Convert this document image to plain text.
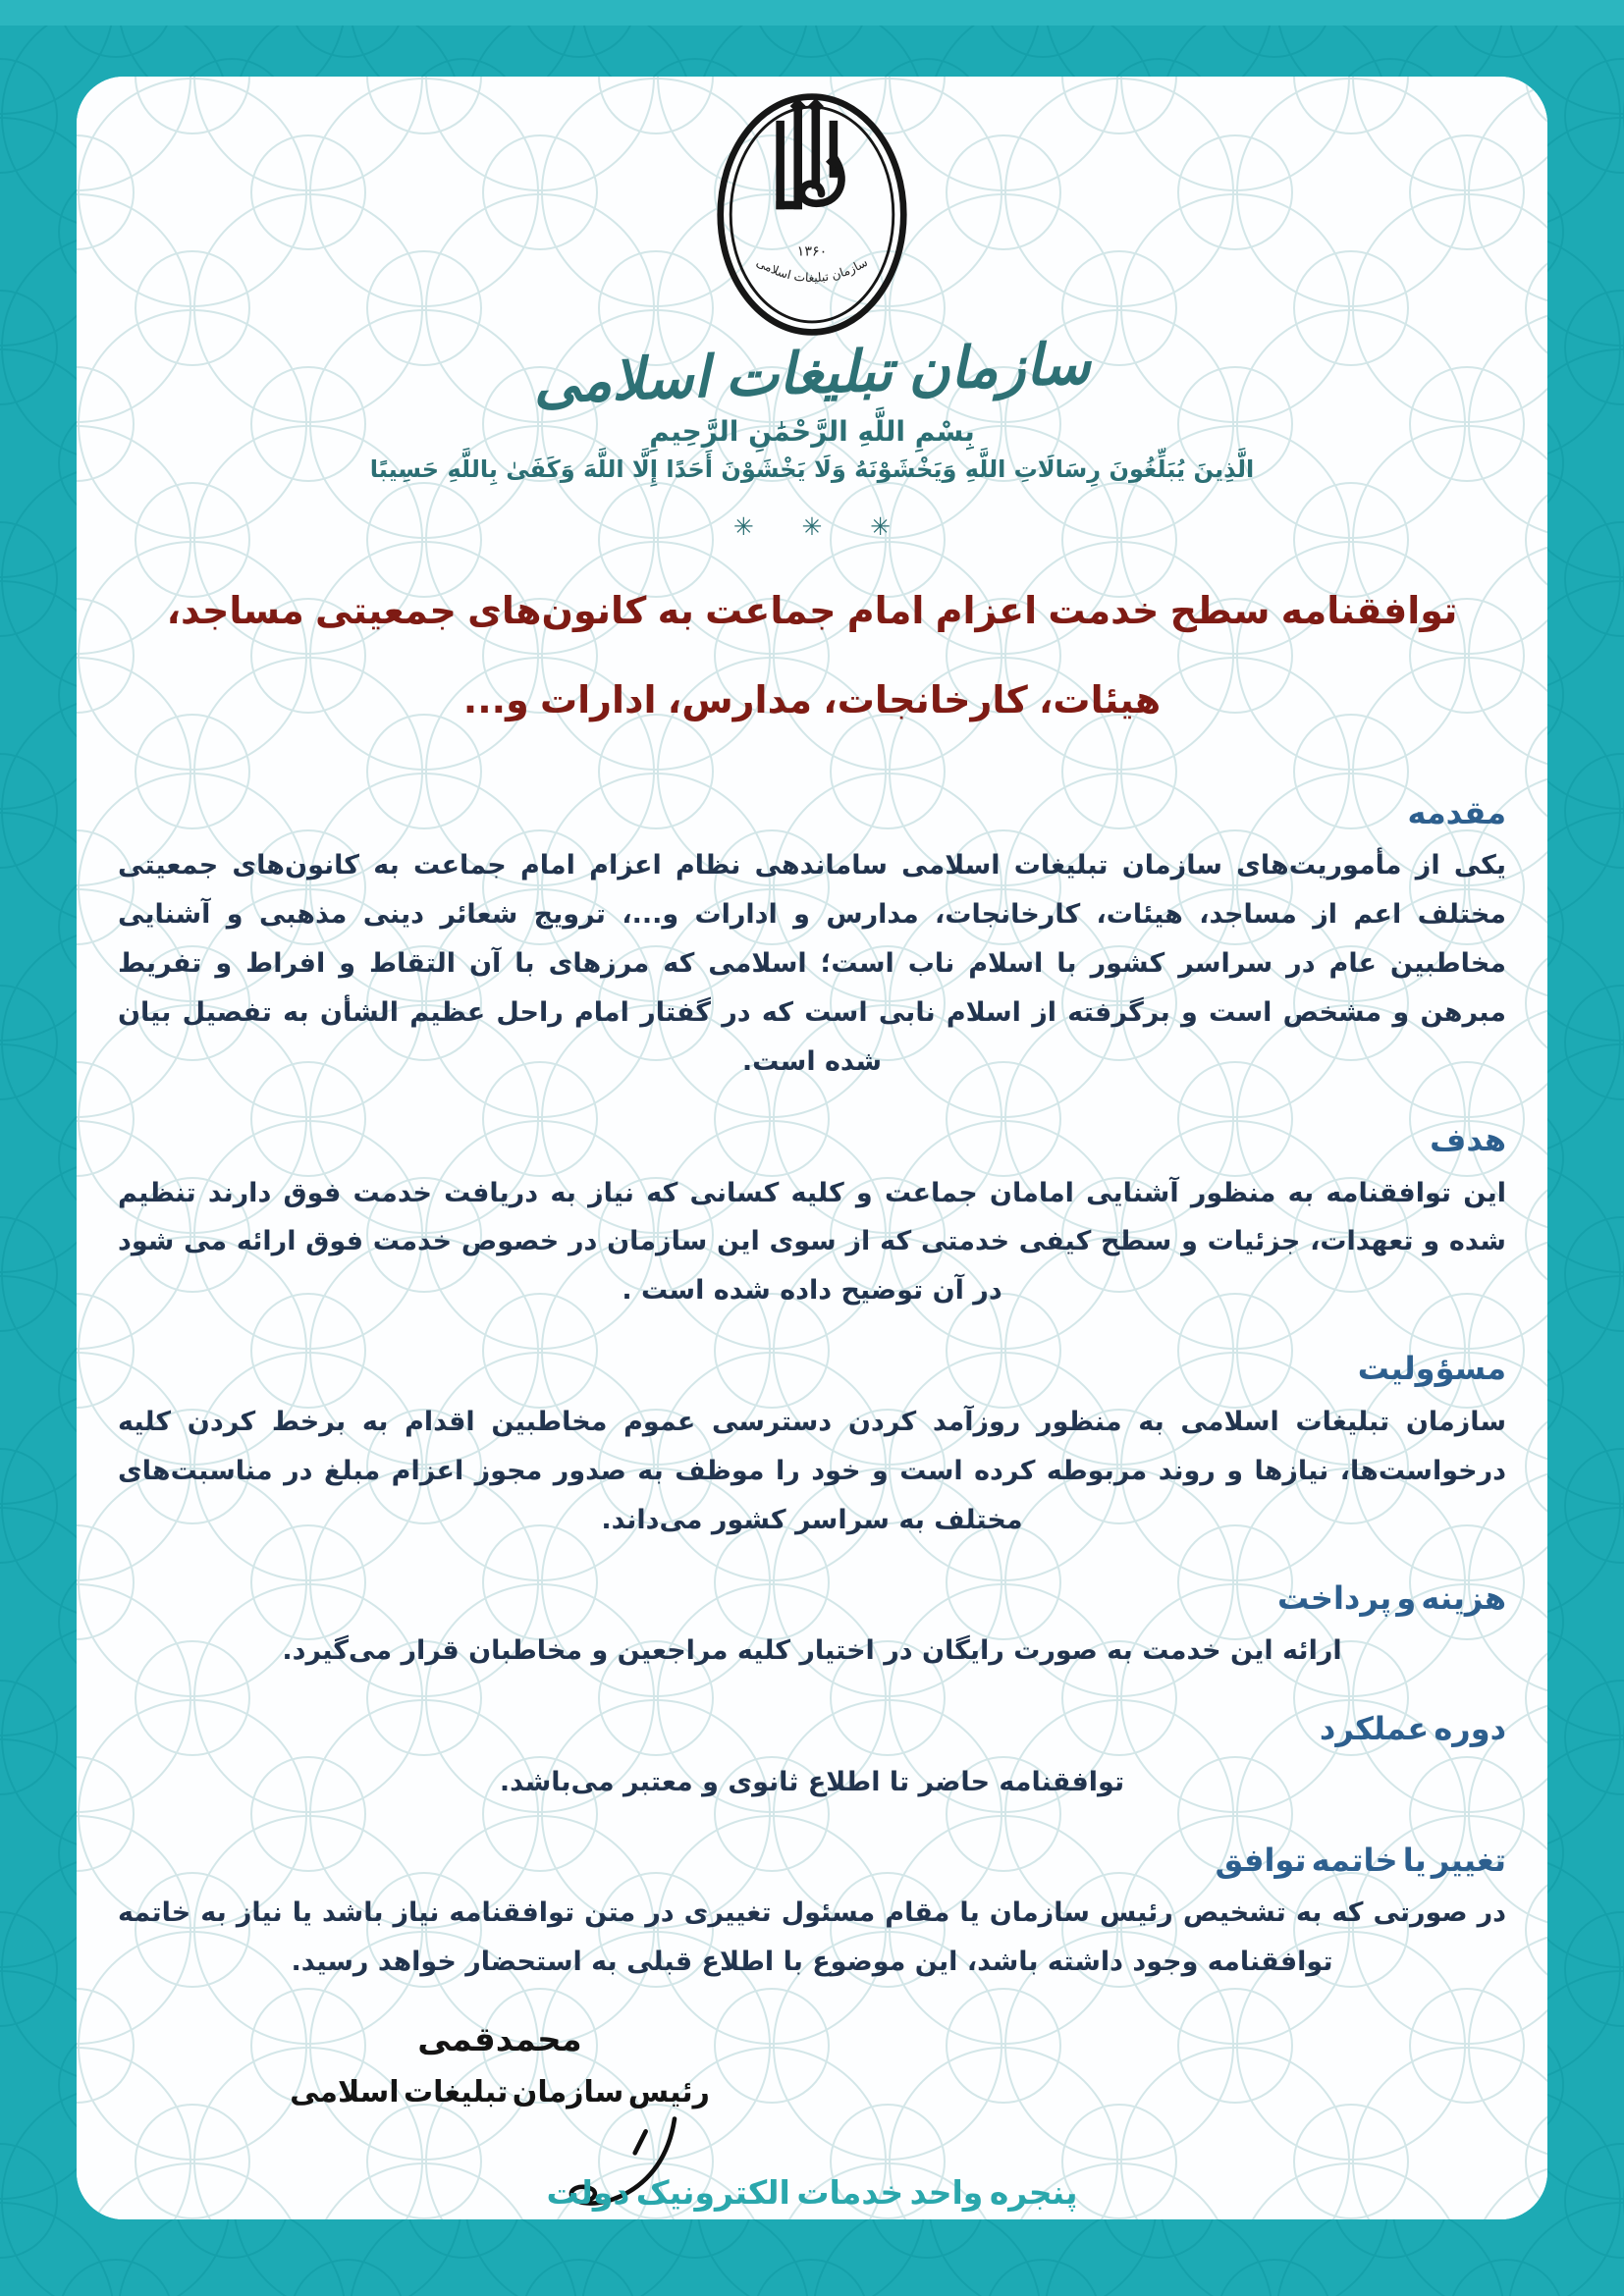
۱۳۶۰
سازمان تبلیغات اسلامی
سازمان تبلیغات اسلامی
بِسْمِ اللَّهِ الرَّحْمَٰنِ الرَّحِيمِ
الَّذِينَ يُبَلِّغُونَ رِسَالَاتِ اللَّهِ وَيَخْشَوْنَهُ وَلَا يَخْشَوْنَ أَحَدًا إِلَّا اللَّهَ وَكَفَىٰ بِاللَّهِ حَسِيبًا
✳ ✳ ✳
توافقنامه سطح خدمت اعزام امام جماعت به کانون‌های جمعیتی مساجد،
هیئات، کارخانجات، مدارس، ادارات و...
مقدمه
یکی از مأموریت‌های سازمان تبلیغات اسلامی ساماندهی نظام اعزام امام جماعت به کانون‌های جمعیتی مختلف اعم از مساجد، هیئات، کارخانجات، مدارس و ادارات و...، ترویج شعائر دینی مذهبی و آشنایی مخاطبین عام در سراسر کشور با اسلام ناب است؛ اسلامی که مرزهای با آن التقاط و افراط و تفریط مبرهن و مشخص است و برگرفته از اسلام نابی است که در گفتار امام راحل عظیم الشأن به تفصیل بیان شده است.
هدف
این توافقنامه به منظور آشنایی امامان جماعت و کلیه کسانی که نیاز به دریافت خدمت فوق دارند تنظیم شده و تعهدات، جزئیات و سطح کیفی خدمتی که از سوی این سازمان در خصوص خدمت فوق ارائه می شود در آن توضیح داده شده است .
مسؤولیت
سازمان تبلیغات اسلامی به منظور روزآمد کردن دسترسی عموم مخاطبین اقدام به برخط کردن کلیه درخواست‌ها، نیازها و روند مربوطه کرده است و خود را موظف به صدور مجوز اعزام مبلغ در مناسبت‌های مختلف به سراسر کشور می‌داند.
هزینه و پرداخت
ارائه این خدمت به صورت رایگان در اختیار کلیه مراجعین و مخاطبان قرار می‌گیرد.
دوره عملکرد
توافقنامه حاضر تا اطلاع ثانوی و معتبر می‌باشد.
تغییر یا خاتمه توافق
در صورتی که به تشخیص رئیس سازمان یا مقام مسئول تغییری در متن توافقنامه نیاز باشد یا نیاز به خاتمه توافقنامه وجود داشته باشد، این موضوع با اطلاع قبلی به استحضار خواهد رسید.
محمدقمی
رئیس سازمان تبلیغات اسلامی
پنجره واحد خدمات الکترونیک دولت
